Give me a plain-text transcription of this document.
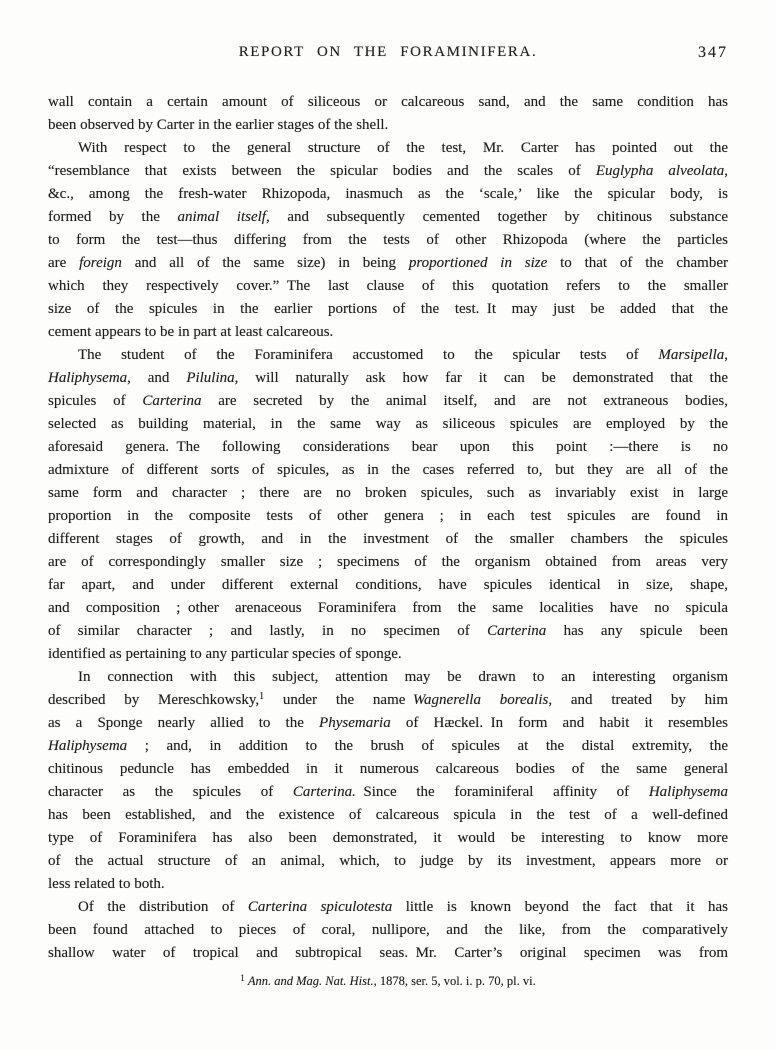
REPORT ON THE FORAMINIFERA.	347
wall contain a certain amount of siliceous or calcareous sand, and the same condition has
been observed by Carter in the earlier stages of the shell.
With respect to the general structure of the test, Mr. Carter has pointed out the
“resemblance that exists between the spicular bodies and the scales of Euglypha alveolata,
&c., among the fresh-water Rhizopoda, inasmuch as the ‘scale,’ like the spicular body, is
formed by the animal itself, and subsequently cemented together by chitinous substance
to form the test—thus differing from the tests of other Rhizopoda (where the particles
are foreign and all of the same size) in being proportioned in size to that of the chamber
which they respectively cover.” The last clause of this quotation refers to the smaller
size of the spicules in the earlier portions of the test. It may just be added that the
cement appears to be in part at least calcareous.
The student of the Foraminifera accustomed to the spicular tests of Marsipella,
Haliphysema, and Pilulina, will naturally ask how far it can be demonstrated that the
spicules of Carterina are secreted by the animal itself, and are not extraneous bodies,
selected as building material, in the same way as siliceous spicules are employed by the
aforesaid genera. The following considerations bear upon this point :—there is no
admixture of different sorts of spicules, as in the cases referred to, but they are all of the
same form and character ; there are no broken spicules, such as invariably exist in large
proportion in the composite tests of other genera ; in each test spicules are found in
different stages of growth, and in the investment of the smaller chambers the spicules
are of correspondingly smaller size ; specimens of the organism obtained from areas very
far apart, and under different external conditions, have spicules identical in size, shape,
and composition ; other arenaceous Foraminifera from the same localities have no spicula
of similar character ; and lastly, in no specimen of Carterina has any spicule been
identified as pertaining to any particular species of sponge.
In connection with this subject, attention may be drawn to an interesting organism
described by Mereschkowsky,$^1$ under the name Wagnerella borealis, and treated by him
as a Sponge nearly allied to the Physemaria of Hæckel. In form and habit it resembles
Haliphysema ; and, in addition to the brush of spicules at the distal extremity, the
chitinous peduncle has embedded in it numerous calcareous bodies of the same general
character as the spicules of Carterina. Since the foraminiferal affinity of Haliphysema
has been established, and the existence of calcareous spicula in the test of a well-defined
type of Foraminifera has also been demonstrated, it would be interesting to know more
of the actual structure of an animal, which, to judge by its investment, appears more or
less related to both.
Of the distribution of Carterina spiculotesta little is known beyond the fact that it has
been found attached to pieces of coral, nullipore, and the like, from the comparatively
shallow water of tropical and subtropical seas. Mr. Carter’s original specimen was from
$^1$ Ann. and Mag. Nat. Hist., 1878, ser. 5, vol. i. p. 70, pl. vi.
